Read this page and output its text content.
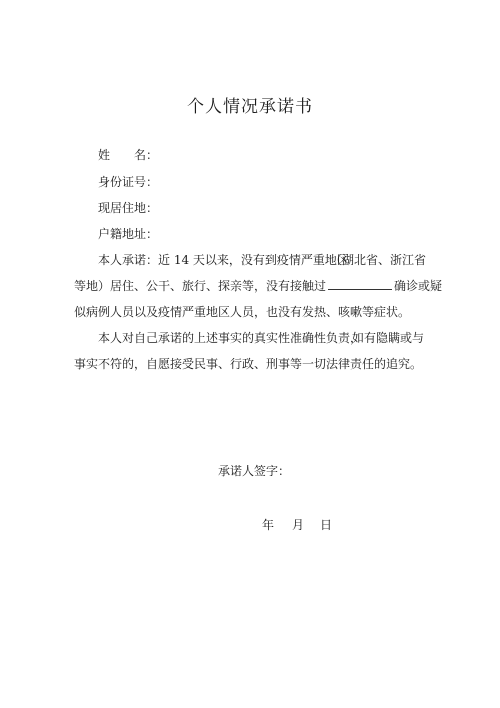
个人情况承诺书
姓　　名：
身份证号：
现居住地：
户籍地址：
本人承诺：近 14 天以来，没有到疫情严重地区
（湖北省、浙江省
等地）居住、公干、旅行、探亲等，没有接触过	确诊或疑
似病例人员以及疫情严重地区人员，也没有发热、咳嗽等症状。
本人对自己承诺的上述事实的真实性准确性负责，
如有隐瞒或与
事实不符的，自愿接受民事、行政、刑事等一切法律责任的追究。
承诺人签字：
年 月 日
